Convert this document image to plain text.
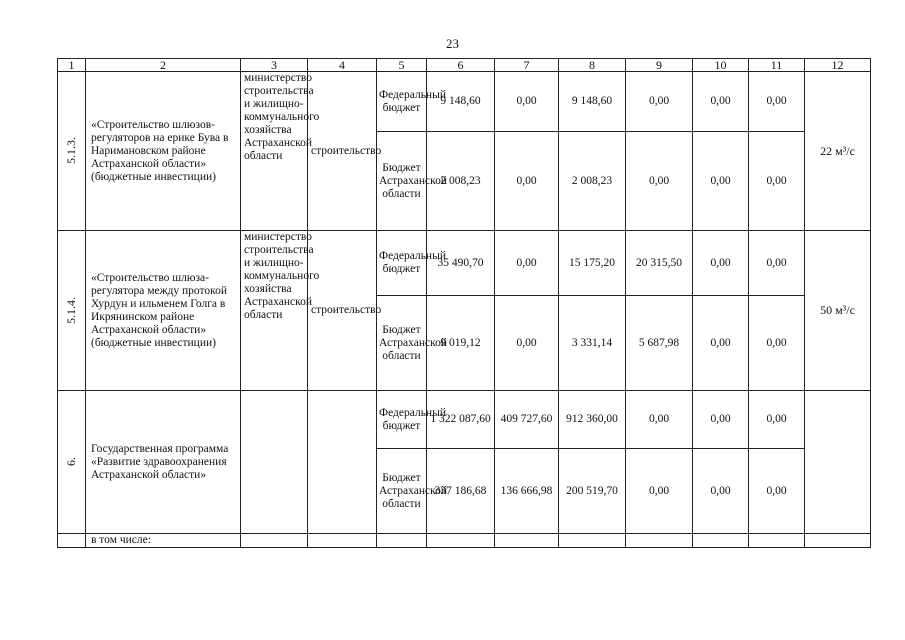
23
1	2	3	4	5	6	7	8	9	10	11	12
5.1.3.	«Строительство шлюзов-регуляторов на ерике Бува в Наримановском районе Астраханской области» (бюджетные инвестиции)	министерство строительства и жилищно-коммунального хозяйства Астраханской области	строительство	Федеральный бюджет	9 148,60	0,00	9 148,60	0,00	0,00	0,00	22 м³/с
				Бюджет Астраханской области	2 008,23	0,00	2 008,23	0,00	0,00	0,00	
5.1.4.	«Строительство шлюза-регулятора между протокой Хурдун и ильменем Голга в Икрянинском районе Астраханской области» (бюджетные инвестиции)	министерство строительства и жилищно-коммунального хозяйства Астраханской области	строительство	Федеральный бюджет	35 490,70	0,00	15 175,20	20 315,50	0,00	0,00	50 м³/с
				Бюджет Астраханской области	9 019,12	0,00	3 331,14	5 687,98	0,00	0,00	
6.	Государственная программа «Развитие здравоохранения Астраханской области»			Федеральный бюджет	1 322 087,60	409 727,60	912 360,00	0,00	0,00	0,00	
				Бюджет Астраханской области	337 186,68	136 666,98	200 519,70	0,00	0,00	0,00	
	в том числе:										
